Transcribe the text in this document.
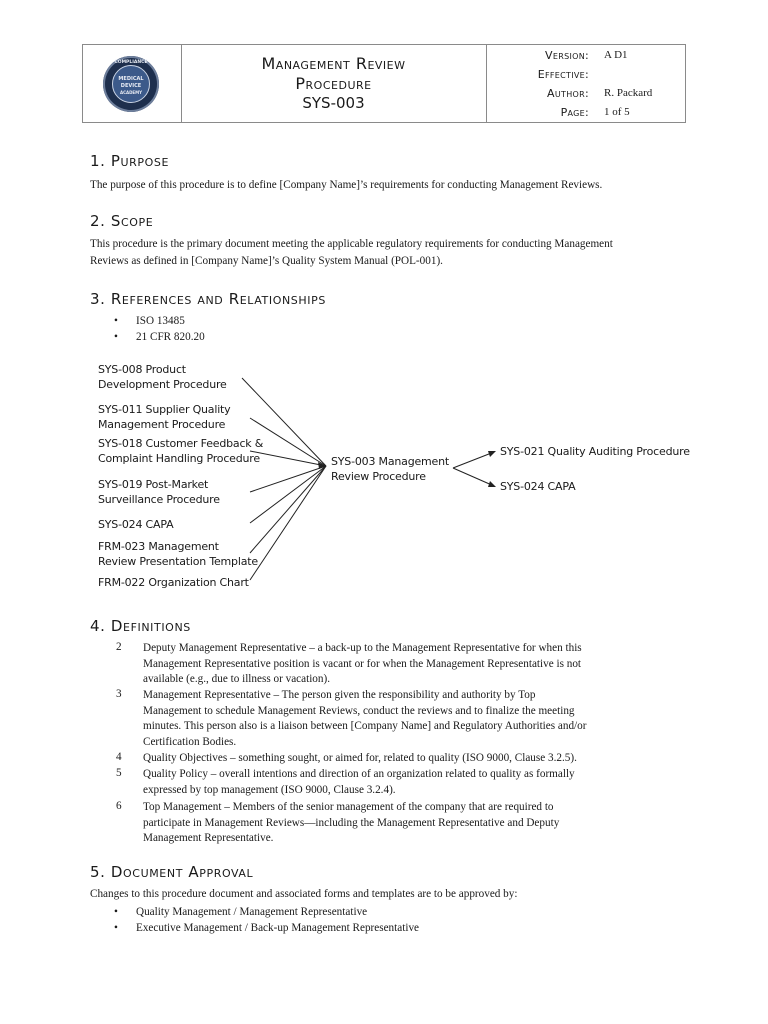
COMPLIANCE
MEDICAL
DEVICE
ACADEMY
Management Review
Procedure
SYS-003
Version: A D1
Effective:
Author: R. Packard
Page: 1 of 5
1. Purpose
The purpose of this procedure is to define [Company Name]’s requirements for conducting Management Reviews.
2. Scope
This procedure is the primary document meeting the applicable regulatory requirements for conducting Management
Reviews as defined in [Company Name]’s Quality System Manual (POL-001).
3. References and Relationships
• ISO 13485
• 21 CFR 820.20
SYS-008 Product
Development Procedure
SYS-011 Supplier Quality
Management Procedure
SYS-018 Customer Feedback &
Complaint Handling Procedure
SYS-019 Post-Market
Surveillance Procedure
SYS-024 CAPA
FRM-023 Management
Review Presentation Template
FRM-022 Organization Chart
SYS-003 Management
Review Procedure
SYS-021 Quality Auditing Procedure
SYS-024 CAPA
4. Definitions
2 Deputy Management Representative – a back-up to the Management Representative for when this
Management Representative position is vacant or for when the Management Representative is not
available (e.g., due to illness or vacation).
3 Management Representative – The person given the responsibility and authority by Top
Management to schedule Management Reviews, conduct the reviews and to finalize the meeting
minutes. This person also is a liaison between [Company Name] and Regulatory Authorities and/or
Certification Bodies.
4 Quality Objectives – something sought, or aimed for, related to quality (ISO 9000, Clause 3.2.5).
5 Quality Policy – overall intentions and direction of an organization related to quality as formally
expressed by top management (ISO 9000, Clause 3.2.4).
6 Top Management – Members of the senior management of the company that are required to
participate in Management Reviews—including the Management Representative and Deputy
Management Representative.
5. Document Approval
Changes to this procedure document and associated forms and templates are to be approved by:
• Quality Management / Management Representative
• Executive Management / Back-up Management Representative
